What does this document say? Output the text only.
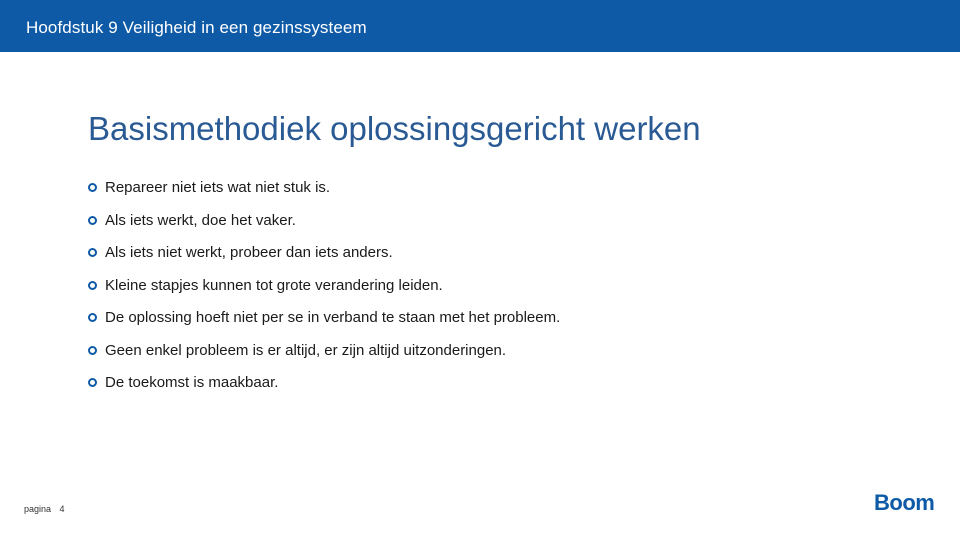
Hoofdstuk 9 Veiligheid in een gezinssysteem
Basismethodiek oplossingsgericht werken
Repareer niet iets wat niet stuk is.
Als iets werkt, doe het vaker.
Als iets niet werkt, probeer dan iets anders.
Kleine stapjes kunnen tot grote verandering leiden.
De oplossing hoeft niet per se in verband te staan met het probleem.
Geen enkel probleem is er altijd, er zijn altijd uitzonderingen.
De toekomst is maakbaar.
pagina 4	Boom
